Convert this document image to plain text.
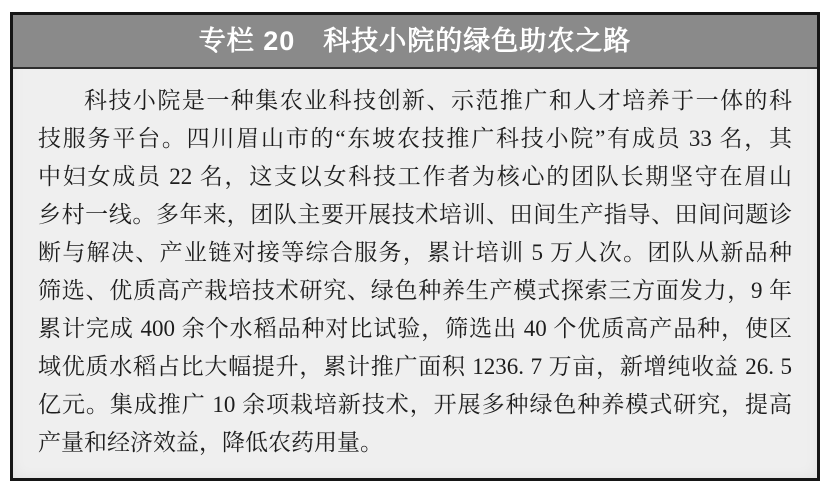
专栏 20　科技小院的绿色助农之路
科技小院是一种集农业科技创新、示范推广和人才培养于一体的科
技服务平台。四川眉山市的“东坡农技推广科技小院”有成员 33 名，其
中妇女成员 22 名，这支以女科技工作者为核心的团队长期坚守在眉山
乡村一线。多年来，团队主要开展技术培训、田间生产指导、田间问题诊
断与解决、产业链对接等综合服务，累计培训 5 万人次。团队从新品种
筛选、优质高产栽培技术研究、绿色种养生产模式探索三方面发力，9 年
累计完成 400 余个水稻品种对比试验，筛选出 40 个优质高产品种，使区
域优质水稻占比大幅提升，累计推广面积 1236. 7 万亩，新增纯收益 26. 5
亿元。集成推广 10 余项栽培新技术，开展多种绿色种养模式研究，提高
产量和经济效益，降低农药用量。
